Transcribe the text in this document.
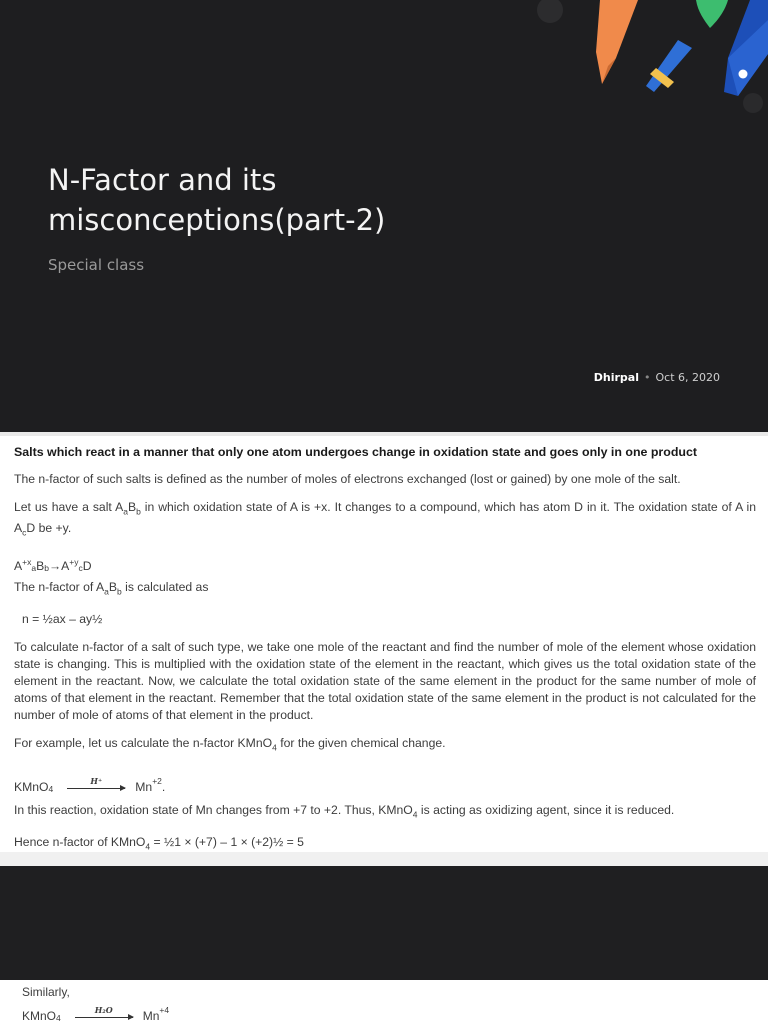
N-Factor and its misconceptions(part-2)
Special class
Dhirpal • Oct 6, 2020

Salts which react in a manner that only one atom undergoes change in oxidation state and goes only in one product

The n-factor of such salts is defined as the number of moles of electrons exchanged (lost or gained) by one mole of the salt.

Let us have a salt $A_aB_b$ in which oxidation state of A is +x. It changes to a compound, which has atom D in it. The oxidation state of A in $A_cD$ be +y.

$A^{+x}$
$_a$ B $b \to A^{+y}$
$_c$ D

The n-factor of $A_aB_b$ is calculated as

n = ½ax – ay½

To calculate n-factor of a salt of such type, we take one mole of the reactant and find the number of mole of the element whose oxidation state is changing. This is multiplied with the oxidation state of the element in the reactant, which gives us the total oxidation state of the element in the reactant. Now, we calculate the total oxidation state of the same element in the product for the same number of mole of atoms of that element in the reactant. Remember that the total oxidation state of the same element in the product is not calculated for the number of mole of atoms of that element in the product.

For example, let us calculate the n-factor KMnO$_4$ for the given chemical change.

KMnO 4
H⁺	$Mn^{+2}$ .

In this reaction, oxidation state of Mn changes from +7 to +2. Thus, KMnO$_4$ is acting as oxidizing agent, since it is reduced.

Hence n-factor of KMnO$_4$ = ½1 × (+7) – 1 × (+2)½ = 5

Similarly,
KMnO 4
H₂O $Mn^{+4}$
